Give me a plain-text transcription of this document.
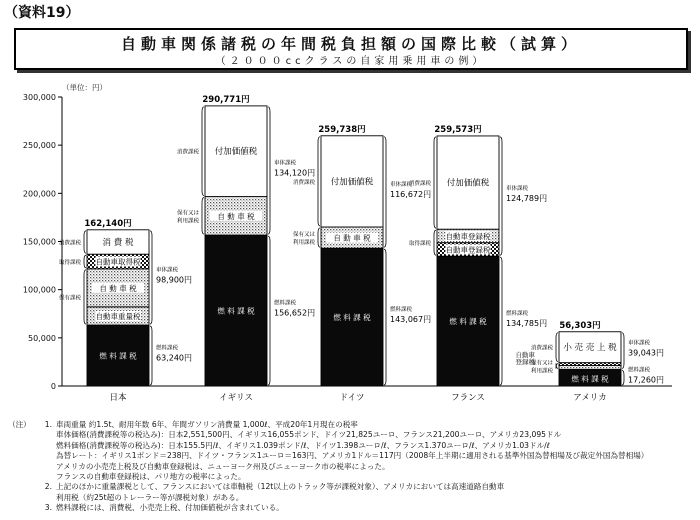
（資料19）
自動車関係諸税の年間税負担額の国際比較（試算）
（２０００ccクラスの自家用乗用車の例）
（単位：円）
0
50,000
100,000
150,000
200,000
250,000
300,000
燃 料 課 税
自動車重量税
自 動 車 税
自動車取得税
消 費 税
162,140円
消費課税
取得課税
保有課税
車体課税
燃料課税
98,900円
63,240円
燃 料 課 税
自 動 車 税
付加価値税
290,771円
消費課税
保有又は
利用課税
車体課税
燃料課税
134,120円
156,652円
燃 料 課 税
自 動 車 税
付加価値税
259,738円
消費課税
保有又は
利用課税
車体課税
燃料課税
116,672円
143,067円 燃 料 課 税
自動車登録税
自動車登録税
付加価値税
259,573円
消費課税
取得課税
車体課税
燃料課税
124,789円
134,785円
燃 料 課 税
小 売 売 上 税
56,303円
消費課税
保有又は
利用課税
車体課税
燃料課税
39,043円
17,260円
自動車
登録税
日本	イギリス	ドイツ	フランス	アメリカ
（注）	1. 車両重量 約1.5t、耐用年数 6年、年間ガソリン消費量 1,000ℓ、平成20年1月現在の税率
車体価格(消費課税等の税込み)：日本2,551,500円、イギリス16,055ポンド、ドイツ21,825ユーロ、フランス21,200ユーロ、アメリカ23,095ドル
燃料価格(消費課税等の税込み)：日本155.5円/ℓ、イギリス1.039ポンド/ℓ、ドイツ1.398ユーロ/ℓ、フランス1.370ユーロ/ℓ、アメリカ1.03ドル/ℓ
為替レート：イギリス1ポンド＝238円、ドイツ・フランス1ユーロ＝163円、アメリカ1ドル＝117円（2008年上半期に適用される基準外国為替相場及び裁定外国為替相場）
アメリカの小売売上税及び自動車登録税は、ニューヨーク州及びニューヨーク市の税率によった。
フランスの自動車登録税は、パリ地方の税率によった。
2. 上記のほかに重量課税として、フランスにおいては車軸税（12t以上のトラック等が課税対象）、アメリカにおいては高速道路自動車
利用税（約25t超のトレーラー等が課税対象）がある。
3. 燃料課税には、消費税、小売売上税、付加価値税が含まれている。
